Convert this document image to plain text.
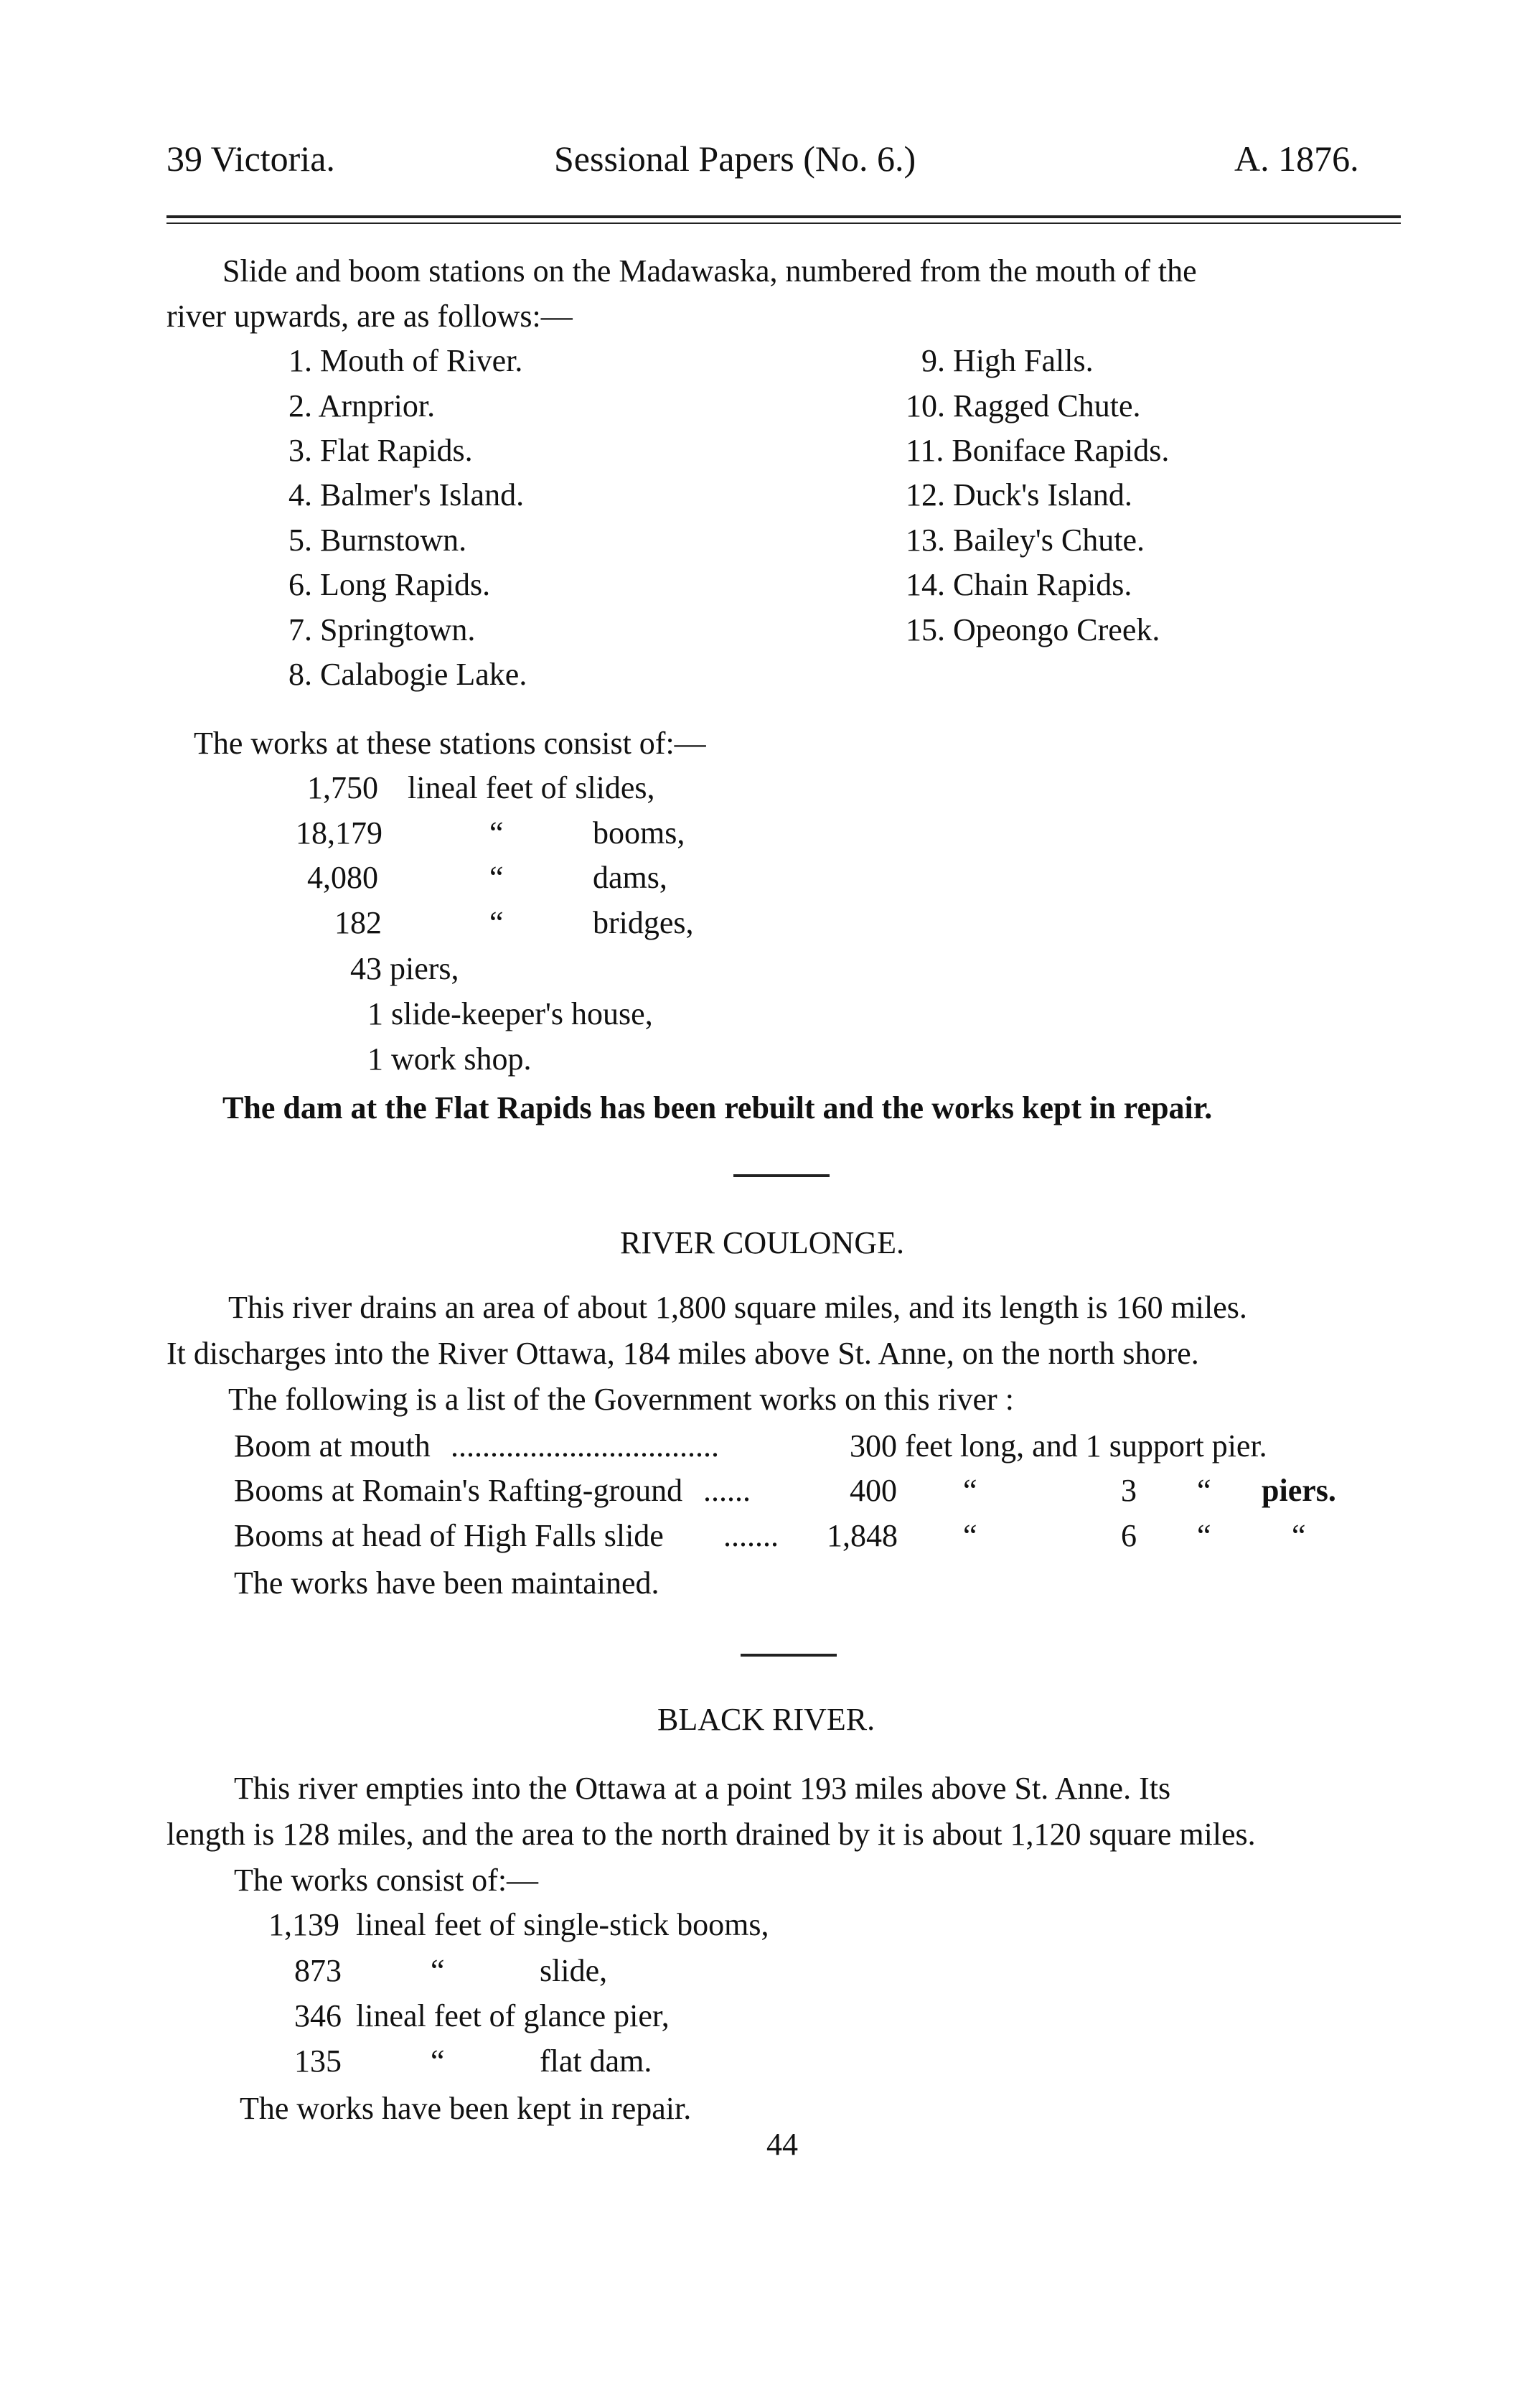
39 Victoria.	Sessional Papers (No. 6.)	A. 1876.
Slide and boom stations on the Madawaska, numbered from the mouth of the
river upwards, are as follows:—
1. Mouth of River.
2. Arnprior.
3. Flat Rapids.
4. Balmer's Island.
5. Burnstown.
6. Long Rapids.
7. Springtown.
8. Calabogie Lake.
9. High Falls.
10. Ragged Chute.
11. Boniface Rapids.
12. Duck's Island.
13. Bailey's Chute.
14. Chain Rapids.
15. Opeongo Creek.
The works at these stations consist of:—
1,750 lineal feet of slides,
18,179	“	booms,
4,080	“	dams,
182	“	bridges,
43 piers,
1 slide-keeper's house,
1 work shop.
The dam at the Flat Rapids has been rebuilt and the works kept in repair.
RIVER COULONGE.
This river drains an area of about 1,800 square miles, and its length is 160 miles.
It discharges into the River Ottawa, 184 miles above St. Anne, on the north shore.
The following is a list of the Government works on this river :
Boom at mouth ..................................	300 feet long, and 1 support pier.
Booms at Romain's Rafting-ground ......	400 “	3 “ piers.
Booms at head of High Falls slide ....... 1,848 “	6 “	“
The works have been maintained.
BLACK RIVER.
This river empties into the Ottawa at a point 193 miles above St. Anne. Its
length is 128 miles, and the area to the north drained by it is about 1,120 square miles.
The works consist of:—
1,139 lineal feet of single-stick booms,
873	“	slide,
346 lineal feet of glance pier,
135	“	flat dam.
The works have been kept in repair.
44
